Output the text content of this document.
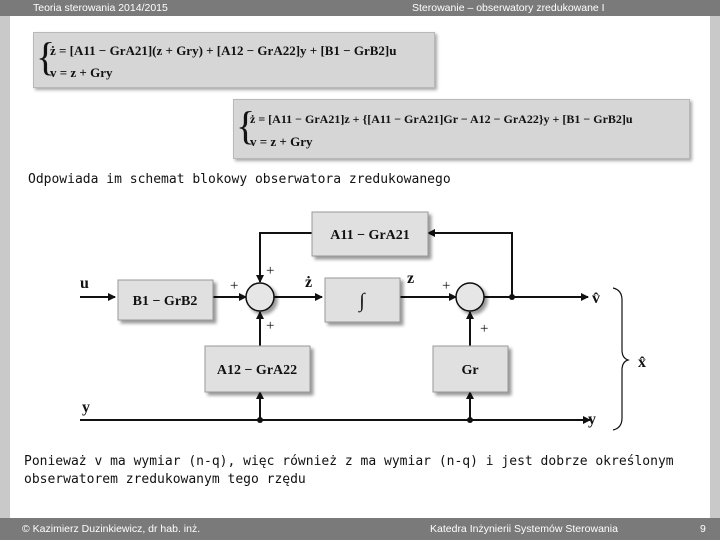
Teoria sterowania 2014/2015	Sterowanie – obserwatory zredukowane I
{
ż = [A11 − GrA21](z + Gry) + [A12 − GrA22]y + [B1 − GrB2]u
v = z + Gry
{
ż = [A11 − GrA21]z + {[A11 − GrA21]Gr − A12 − GrA22}y + [B1 − GrB2]u
v = z + Gry
Odpowiada im schemat blokowy obserwatora zredukowanego
A11 − GrA21
B1 − GrB2	∫
A12 − GrA22	Gr
u
y
y
ż	z
v̂
x̂
+
+
+
+
+
Ponieważ v ma wymiar (n-q), więc również z ma wymiar (n-q) i jest dobrze określonym obserwatorem zredukowanym tego rzędu
© Kazimierz Duzinkiewicz, dr hab. inż.	Katedra Inżynierii Systemów Sterowania	9
